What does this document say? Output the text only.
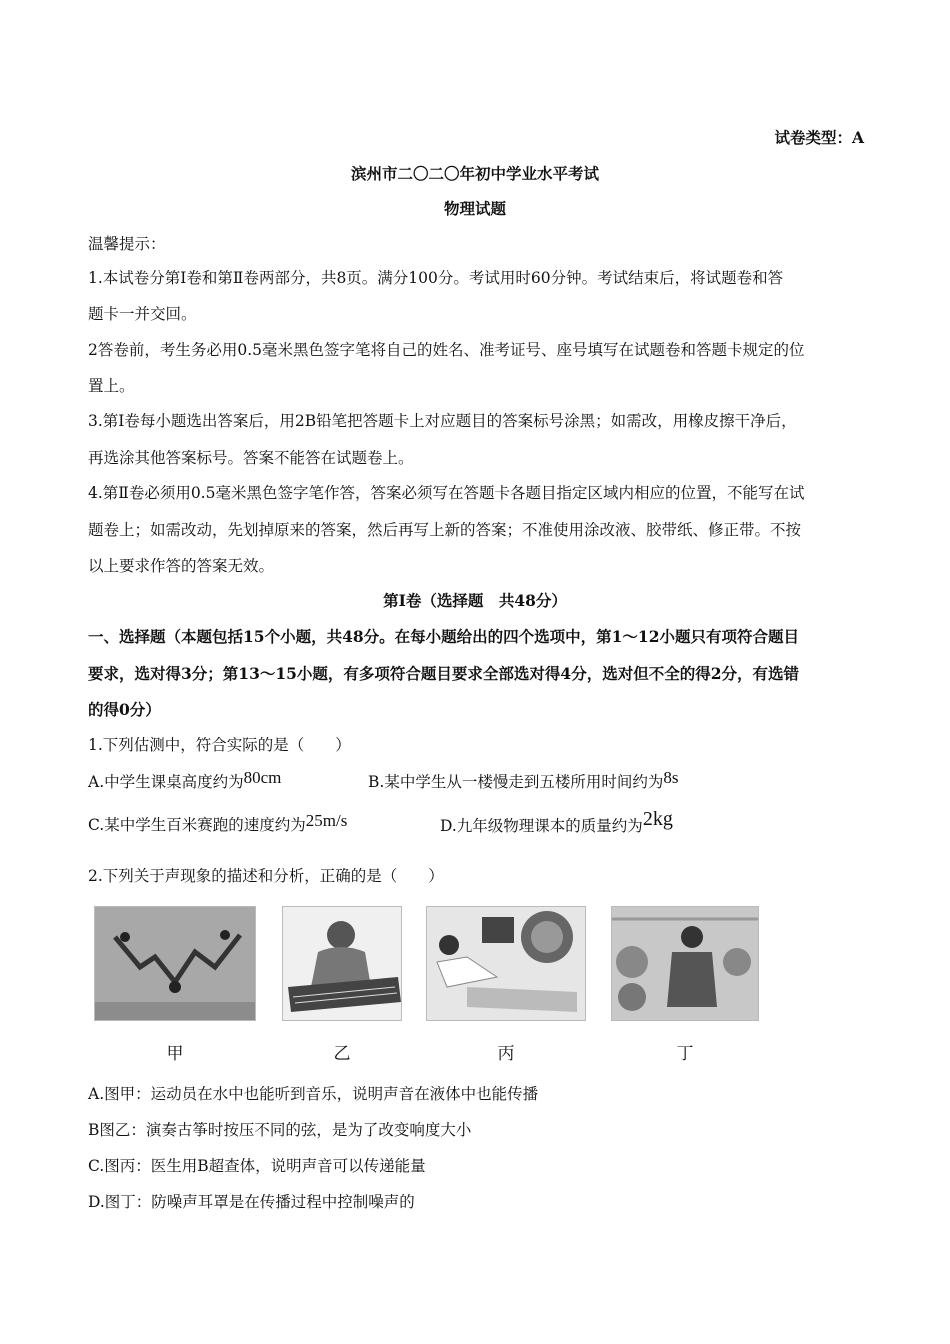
试卷类型：A
滨州市二〇二〇年初中学业水平考试
物理试题
温馨提示：
1.本试卷分第Ⅰ卷和第Ⅱ卷两部分，共8页。满分100分。考试用时60分钟。考试结束后，将试题卷和答
题卡一并交回。
2答卷前，考生务必用0.5毫米黑色签字笔将自己的姓名、准考证号、座号填写在试题卷和答题卡规定的位
置上。
3.第Ⅰ卷每小题选出答案后，用2B铅笔把答题卡上对应题目的答案标号涂黑；如需改，用橡皮擦干净后，
再选涂其他答案标号。答案不能答在试题卷上。
4.第Ⅱ卷必须用0.5毫米黑色签字笔作答，答案必须写在答题卡各题目指定区域内相应的位置，不能写在试
题卷上；如需改动，先划掉原来的答案，然后再写上新的答案；不准使用涂改液、胶带纸、修正带。不按
以上要求作答的答案无效。
第Ⅰ卷（选择题　共48分）
一、选择题（本题包括15个小题，共48分。在每小题给出的四个选项中，第1～12小题只有项符合题目
要求，选对得3分；第13～15小题，有多项符合题目要求全部选对得4分，选对但不全的得2分，有选错
的得0分）
1.下列估测中，符合实际的是（　　）
A.中学生课桌高度约为80cm	B.某中学生从一楼慢走到五楼所用时间约为8s
C.某中学生百米赛跑的速度约为25m/s	D.九年级物理课本的质量约为2kg
2.下列关于声现象的描述和分析，正确的是（　　）
甲	乙	丙	丁
A.图甲：运动员在水中也能听到音乐，说明声音在液体中也能传播
B图乙：演奏古筝时按压不同的弦，是为了改变响度大小
C.图丙：医生用B超查体，说明声音可以传递能量
D.图丁：防噪声耳罩是在传播过程中控制噪声的
